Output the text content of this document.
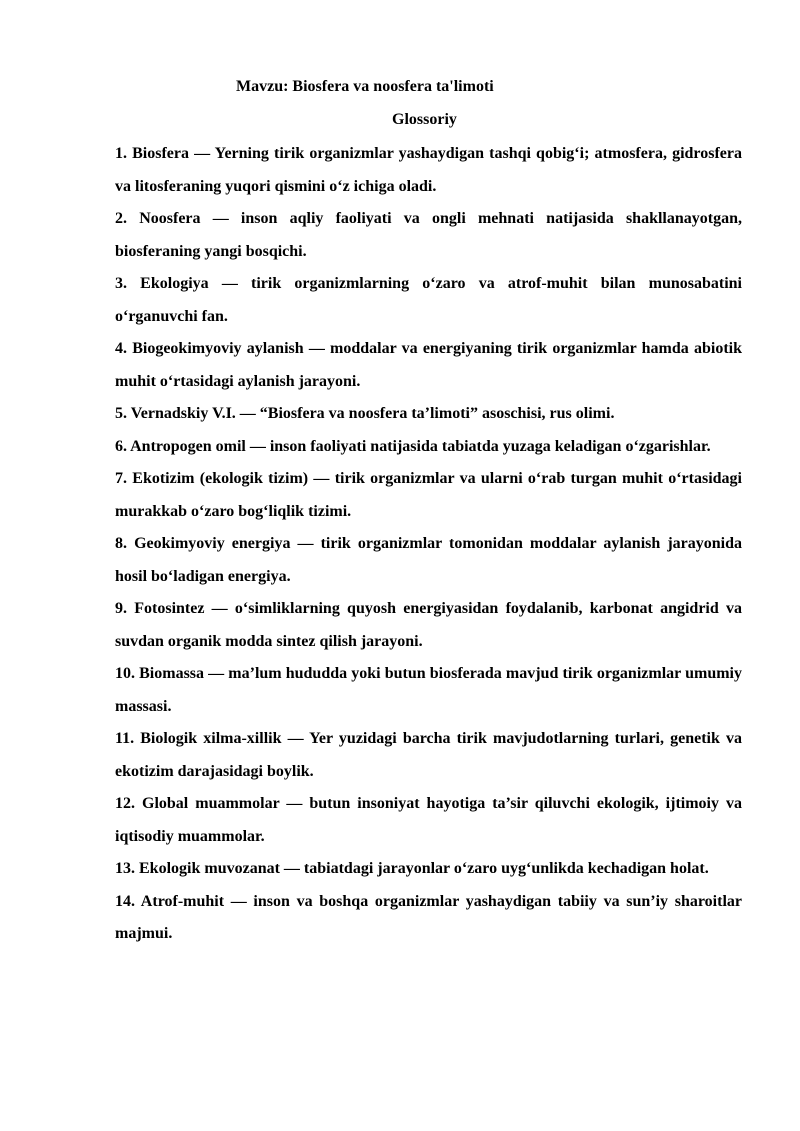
Mavzu: Biosfera va noosfera ta'limoti
Glossoriy
1. Biosfera — Yerning tirik organizmlar yashaydigan tashqi qobig‘i; atmosfera, gidrosfera va litosferaning yuqori qismini o‘z ichiga oladi.
2. Noosfera — inson aqliy faoliyati va ongli mehnati natijasida shakllanayotgan, biosferaning yangi bosqichi.
3. Ekologiya — tirik organizmlarning o‘zaro va atrof-muhit bilan munosabatini o‘rganuvchi fan.
4. Biogeokimyoviy aylanish — moddalar va energiyaning tirik organizmlar hamda abiotik muhit o‘rtasidagi aylanish jarayoni.
5. Vernadskiy V.I. — “Biosfera va noosfera ta’limoti” asoschisi, rus olimi.
6. Antropogen omil — inson faoliyati natijasida tabiatda yuzaga keladigan o‘zgarishlar.
7. Ekotizim (ekologik tizim) — tirik organizmlar va ularni o‘rab turgan muhit o‘rtasidagi murakkab o‘zaro bog‘liqlik tizimi.
8. Geokimyoviy energiya — tirik organizmlar tomonidan moddalar aylanish jarayonida hosil bo‘ladigan energiya.
9. Fotosintez — o‘simliklarning quyosh energiyasidan foydalanib, karbonat angidrid va suvdan organik modda sintez qilish jarayoni.
10. Biomassa — ma’lum hududda yoki butun biosferada mavjud tirik organizmlar umumiy massasi.
11. Biologik xilma-xillik — Yer yuzidagi barcha tirik mavjudotlarning turlari, genetik va ekotizim darajasidagi boylik.
12. Global muammolar — butun insoniyat hayotiga ta’sir qiluvchi ekologik, ijtimoiy va iqtisodiy muammolar.
13. Ekologik muvozanat — tabiatdagi jarayonlar o‘zaro uyg‘unlikda kechadigan holat.
14. Atrof-muhit — inson va boshqa organizmlar yashaydigan tabiiy va sun’iy sharoitlar majmui.
